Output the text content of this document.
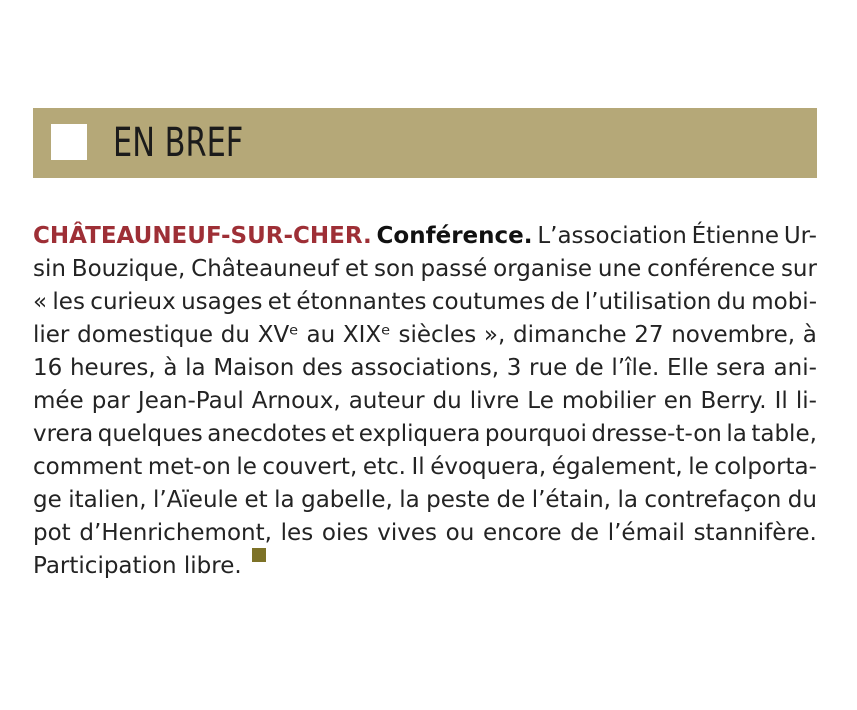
EN BREF
CHÂTEAUNEUF-SUR-CHER. Conférence. L’association Étienne Ur-
sin Bouzique, Châteauneuf et son passé organise une conférence sur
« les curieux usages et étonnantes coutumes de l’utilisation du mobi-
lier domestique du XVᵉ au XIXᵉ siècles », dimanche 27 novembre, à
16 heures, à la Maison des associations, 3 rue de l’île. Elle sera ani-
mée par Jean-Paul Arnoux, auteur du livre Le mobilier en Berry. Il li-
vrera quelques anecdotes et expliquera pourquoi dresse-t-on la table,
comment met-on le couvert, etc. Il évoquera, également, le colporta-
ge italien, l’Aïeule et la gabelle, la peste de l’étain, la contrefaçon du
pot d’Henrichemont, les oies vives ou encore de l’émail stannifère.
Participation libre.
